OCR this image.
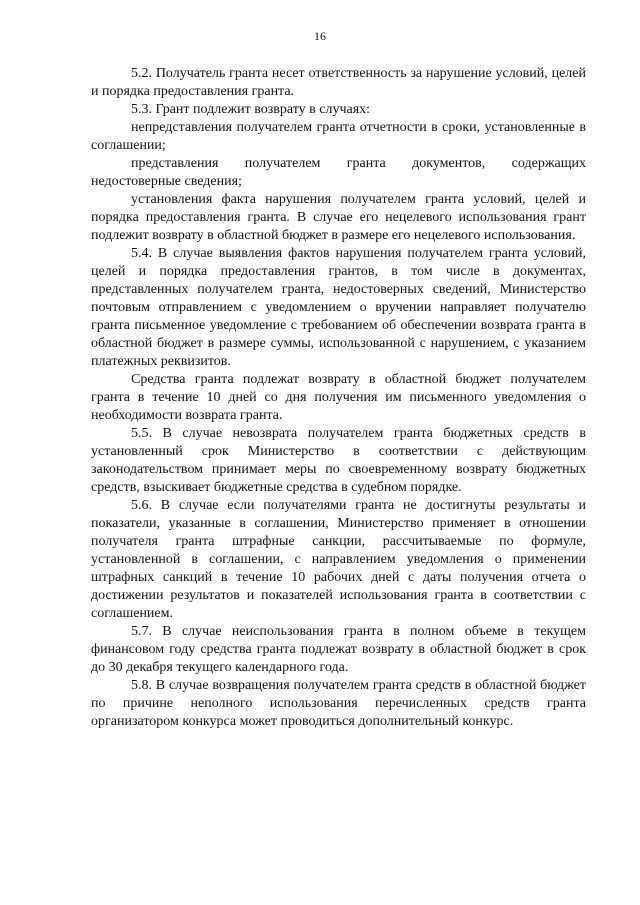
16

5.2. Получатель гранта несет ответственность за нарушение условий, целей и порядка предоставления гранта.

5.3. Грант подлежит возврату в случаях:

непредставления получателем гранта отчетности в сроки, установленные в соглашении;

представления получателем гранта документов, содержащих недостоверные сведения;

установления факта нарушения получателем гранта условий, целей и порядка предоставления гранта. В случае его нецелевого использования грант подлежит возврату в областной бюджет в размере его нецелевого использования.

5.4. В случае выявления фактов нарушения получателем гранта условий, целей и порядка предоставления грантов, в том числе в документах, представленных получателем гранта, недостоверных сведений, Министерство почтовым отправлением с уведомлением о вручении направляет получателю гранта письменное уведомление с требованием об обеспечении возврата гранта в областной бюджет в размере суммы, использованной с нарушением, с указанием платежных реквизитов.

Средства гранта подлежат возврату в областной бюджет получателем гранта в течение 10 дней со дня получения им письменного уведомления о необходимости возврата гранта.

5.5. В случае невозврата получателем гранта бюджетных средств в установленный срок Министерство в соответствии с действующим законодательством принимает меры по своевременному возврату бюджетных средств, взыскивает бюджетные средства в судебном порядке.

5.6. В случае если получателями гранта не достигнуты результаты и показатели, указанные в соглашении, Министерство применяет в отношении получателя гранта штрафные санкции, рассчитываемые по формуле, установленной в соглашении, с направлением уведомления о применении штрафных санкций в течение 10 рабочих дней с даты получения отчета о достижении результатов и показателей использования гранта в соответствии с соглашением.

5.7. В случае неиспользования гранта в полном объеме в текущем финансовом году средства гранта подлежат возврату в областной бюджет в срок до 30 декабря текущего календарного года.

5.8. В случае возвращения получателем гранта средств в областной бюджет по причине неполного использования перечисленных средств гранта организатором конкурса может проводиться дополнительный конкурс.
